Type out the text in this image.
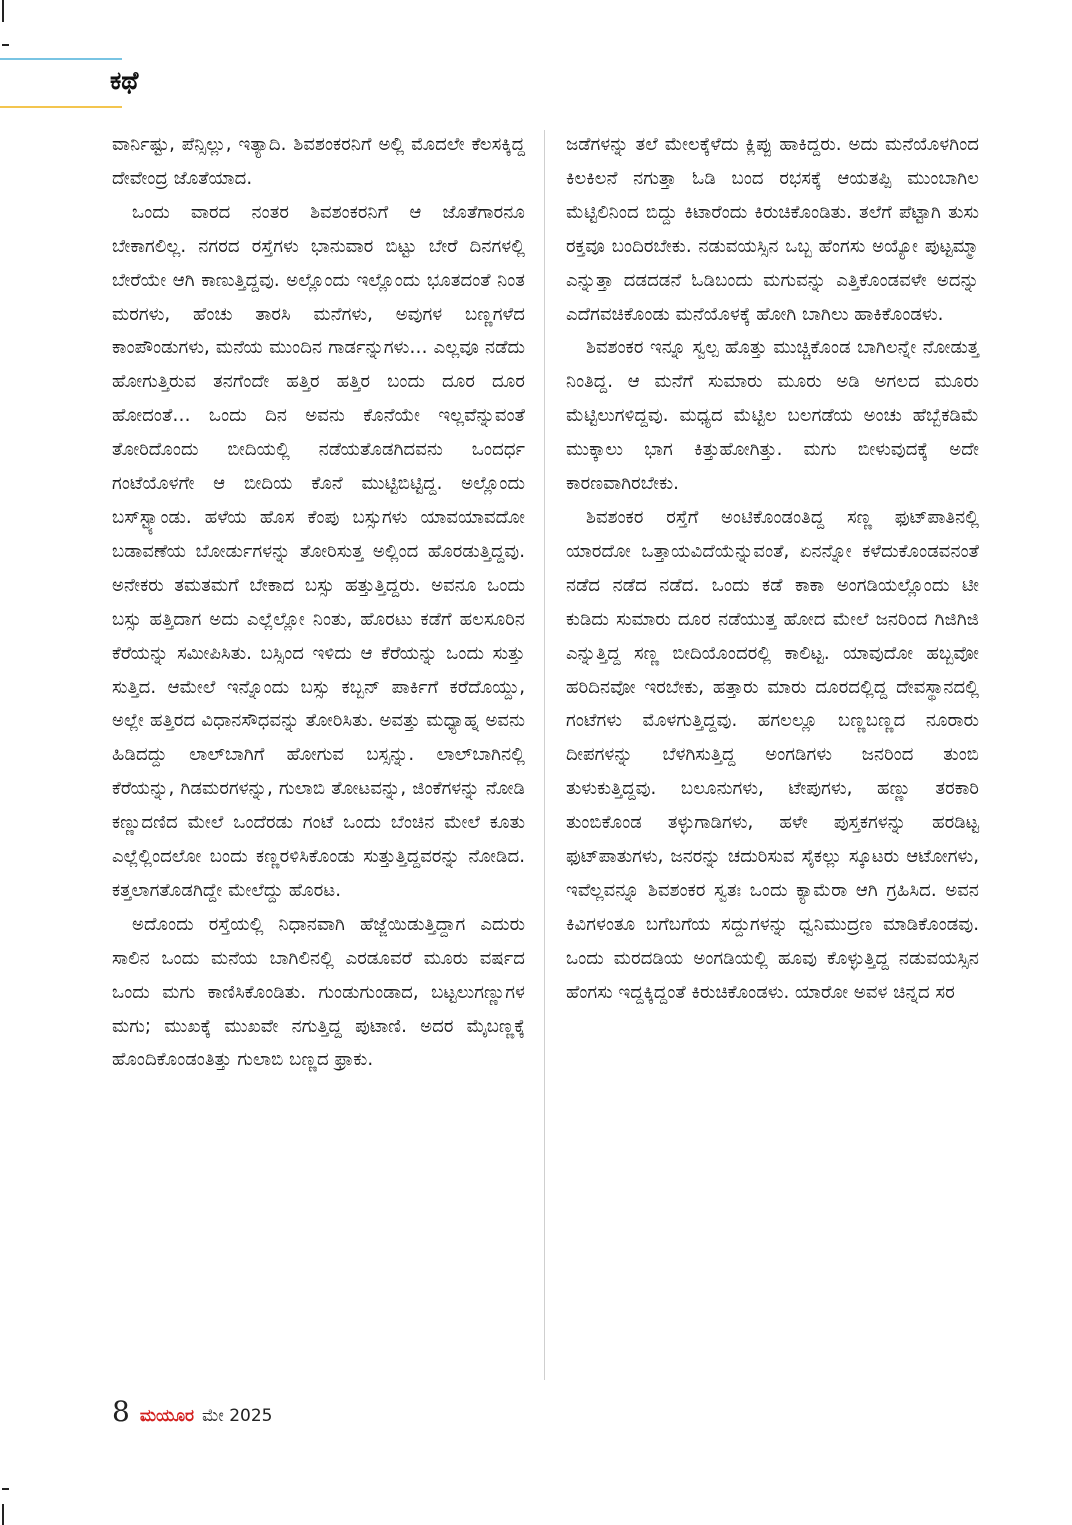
ಕಥೆ

ವಾರ್ನಿಷ್ಟು, ಪೆನ್ಸಿಲ್ಲು, ಇತ್ಯಾದಿ. ಶಿವಶಂಕರನಿಗೆ ಅಲ್ಲಿ ಮೊದಲೇ ಕೆಲಸಕ್ಕಿದ್ದ ದೇವೇಂದ್ರ ಜೊತೆಯಾದ.

ಒಂದು ವಾರದ ನಂತರ ಶಿವಶಂಕರನಿಗೆ ಆ ಜೊತೆಗಾರನೂ ಬೇಕಾಗಲಿಲ್ಲ. ನಗರದ ರಸ್ತೆಗಳು ಭಾನುವಾರ ಬಿಟ್ಟು ಬೇರೆ ದಿನಗಳಲ್ಲಿ ಬೇರೆಯೇ ಆಗಿ ಕಾಣುತ್ತಿದ್ದವು. ಅಲ್ಲೊಂದು ಇಲ್ಲೊಂದು ಭೂತದಂತೆ ನಿಂತ ಮರಗಳು, ಹೆಂಚು ತಾರಸಿ ಮನೆಗಳು, ಅವುಗಳ ಬಣ್ಣಗಳೆದ ಕಾಂಪೌಂಡುಗಳು, ಮನೆಯ ಮುಂದಿನ ಗಾರ್ಡನ್ನುಗಳು… ಎಲ್ಲವೂ ನಡೆದು ಹೋಗುತ್ತಿರುವ ತನಗೆಂದೇ ಹತ್ತಿರ ಹತ್ತಿರ ಬಂದು ದೂರ ದೂರ ಹೋದಂತೆ… ಒಂದು ದಿನ ಅವನು ಕೊನೆಯೇ ಇಲ್ಲವೆನ್ನುವಂತೆ ತೋರಿದೊಂದು ಬೀದಿಯಲ್ಲಿ ನಡೆಯತೊಡಗಿದವನು ಒಂದರ್ಧ ಗಂಟೆಯೊಳಗೇ ಆ ಬೀದಿಯ ಕೊನೆ ಮುಟ್ಟಿಬಿಟ್ಟಿದ್ದ. ಅಲ್ಲೊಂದು ಬಸ್‌ಸ್ಟ್ಯಾಂಡು. ಹಳೆಯ ಹೊಸ ಕೆಂಪು ಬಸ್ಸುಗಳು ಯಾವಯಾವದೋ ಬಡಾವಣೆಯ ಬೋರ್ಡುಗಳನ್ನು ತೋರಿಸುತ್ತ ಅಲ್ಲಿಂದ ಹೊರಡುತ್ತಿದ್ದವು. ಅನೇಕರು ತಮತಮಗೆ ಬೇಕಾದ ಬಸ್ಸು ಹತ್ತುತ್ತಿದ್ದರು. ಅವನೂ ಒಂದು ಬಸ್ಸು ಹತ್ತಿದಾಗ ಅದು ಎಲ್ಲೆಲ್ಲೋ ನಿಂತು, ಹೊರಟು ಕಡೆಗೆ ಹಲಸೂರಿನ ಕೆರೆಯನ್ನು ಸಮೀಪಿಸಿತು. ಬಸ್ಸಿಂದ ಇಳಿದು ಆ ಕೆರೆಯನ್ನು ಒಂದು ಸುತ್ತು ಸುತ್ತಿದ. ಆಮೇಲೆ ಇನ್ನೊಂದು ಬಸ್ಸು ಕಬ್ಬನ್ ಪಾರ್ಕಿಗೆ ಕರೆದೊಯ್ದು, ಅಲ್ಲೇ ಹತ್ತಿರದ ವಿಧಾನಸೌಧವನ್ನು ತೋರಿಸಿತು. ಅವತ್ತು ಮಧ್ಯಾಹ್ನ ಅವನು ಹಿಡಿದದ್ದು ಲಾಲ್‌ಬಾಗಿಗೆ ಹೋಗುವ ಬಸ್ಸನ್ನು. ಲಾಲ್‌ಬಾಗಿನಲ್ಲಿ ಕೆರೆಯನ್ನು, ಗಿಡಮರಗಳನ್ನು, ಗುಲಾಬಿ ತೋಟವನ್ನು, ಜಿಂಕೆಗಳನ್ನು ನೋಡಿ ಕಣ್ಣುದಣಿದ ಮೇಲೆ ಒಂದೆರಡು ಗಂಟೆ ಒಂದು ಬೆಂಚಿನ ಮೇಲೆ ಕೂತು ಎಲ್ಲೆಲ್ಲಿಂದಲೋ ಬಂದು ಕಣ್ಣರಳಿಸಿಕೊಂಡು ಸುತ್ತುತ್ತಿದ್ದವರನ್ನು ನೋಡಿದ. ಕತ್ತಲಾಗತೊಡಗಿದ್ದೇ ಮೇಲೆದ್ದು ಹೊರಟ.

ಅದೊಂದು ರಸ್ತೆಯಲ್ಲಿ ನಿಧಾನವಾಗಿ ಹೆಜ್ಜೆಯಿಡುತ್ತಿದ್ದಾಗ ಎದುರು ಸಾಲಿನ ಒಂದು ಮನೆಯ ಬಾಗಿಲಿನಲ್ಲಿ ಎರಡೂವರೆ ಮೂರು ವರ್ಷದ ಒಂದು ಮಗು ಕಾಣಿಸಿಕೊಂಡಿತು. ಗುಂಡುಗುಂಡಾದ, ಬಟ್ಟಲುಗಣ್ಣುಗಳ ಮಗು; ಮುಖಕ್ಕೆ ಮುಖವೇ ನಗುತ್ತಿದ್ದ ಪುಟಾಣಿ. ಅದರ ಮೈಬಣ್ಣಕ್ಕೆ ಹೊಂದಿಕೊಂಡಂತಿತ್ತು ಗುಲಾಬಿ ಬಣ್ಣದ ಫ್ರಾಕು.

ಜಡೆಗಳನ್ನು ತಲೆ ಮೇಲಕ್ಕೆಳೆದು ಕ್ಲಿಪ್ಪು ಹಾಕಿದ್ದರು. ಅದು ಮನೆಯೊಳಗಿಂದ ಕಿಲಕಿಲನೆ ನಗುತ್ತಾ ಓಡಿ ಬಂದ ರಭಸಕ್ಕೆ ಆಯತಪ್ಪಿ ಮುಂಬಾಗಿಲ ಮೆಟ್ಟಿಲಿನಿಂದ ಬಿದ್ದು ಕಿಟಾರೆಂದು ಕಿರುಚಿಕೊಂಡಿತು. ತಲೆಗೆ ಪೆಟ್ಟಾಗಿ ತುಸು ರಕ್ತವೂ ಬಂದಿರಬೇಕು. ನಡುವಯಸ್ಸಿನ ಒಬ್ಬ ಹೆಂಗಸು ಅಯ್ಯೋ ಪುಟ್ಟಮ್ಮಾ ಎನ್ನುತ್ತಾ ದಡದಡನೆ ಓಡಿಬಂದು ಮಗುವನ್ನು ಎತ್ತಿಕೊಂಡವಳೇ ಅದನ್ನು ಎದೆಗವಚಿಕೊಂಡು ಮನೆಯೊಳಕ್ಕೆ ಹೋಗಿ ಬಾಗಿಲು ಹಾಕಿಕೊಂಡಳು.

ಶಿವಶಂಕರ ಇನ್ನೂ ಸ್ವಲ್ಪ ಹೊತ್ತು ಮುಚ್ಚಿಕೊಂಡ ಬಾಗಿಲನ್ನೇ ನೋಡುತ್ತ ನಿಂತಿದ್ದ. ಆ ಮನೆಗೆ ಸುಮಾರು ಮೂರು ಅಡಿ ಅಗಲದ ಮೂರು ಮೆಟ್ಟಿಲುಗಳಿದ್ದವು. ಮಧ್ಯದ ಮೆಟ್ಟಿಲ ಬಲಗಡೆಯ ಅಂಚು ಹೆಬ್ಬೆಕಡಿಮೆ ಮುಕ್ಕಾಲು ಭಾಗ ಕಿತ್ತುಹೋಗಿತ್ತು. ಮಗು ಬೀಳುವುದಕ್ಕೆ ಅದೇ ಕಾರಣವಾಗಿರಬೇಕು.

ಶಿವಶಂಕರ ರಸ್ತೆಗೆ ಅಂಟಿಕೊಂಡಂತಿದ್ದ ಸಣ್ಣ ಫುಟ್‌ಪಾತಿನಲ್ಲಿ ಯಾರದೋ ಒತ್ತಾಯವಿದೆಯೆನ್ನುವಂತೆ, ಏನನ್ನೋ ಕಳೆದುಕೊಂಡವನಂತೆ ನಡೆದ ನಡೆದ ನಡೆದ. ಒಂದು ಕಡೆ ಕಾಕಾ ಅಂಗಡಿಯಲ್ಲೊಂದು ಟೀ ಕುಡಿದು ಸುಮಾರು ದೂರ ನಡೆಯುತ್ತ ಹೋದ ಮೇಲೆ ಜನರಿಂದ ಗಿಜಿಗಿಜಿ ಎನ್ನುತ್ತಿದ್ದ ಸಣ್ಣ ಬೀದಿಯೊಂದರಲ್ಲಿ ಕಾಲಿಟ್ಟ. ಯಾವುದೋ ಹಬ್ಬವೋ ಹರಿದಿನವೋ ಇರಬೇಕು, ಹತ್ತಾರು ಮಾರು ದೂರದಲ್ಲಿದ್ದ ದೇವಸ್ಥಾನದಲ್ಲಿ ಗಂಟೆಗಳು ಮೊಳಗುತ್ತಿದ್ದವು. ಹಗಲಲ್ಲೂ ಬಣ್ಣಬಣ್ಣದ ನೂರಾರು ದೀಪಗಳನ್ನು ಬೆಳಗಿಸುತ್ತಿದ್ದ ಅಂಗಡಿಗಳು ಜನರಿಂದ ತುಂಬಿ ತುಳುಕುತ್ತಿದ್ದವು. ಬಲೂನುಗಳು, ಟೇಪುಗಳು, ಹಣ್ಣು ತರಕಾರಿ ತುಂಬಿಕೊಂಡ ತಳ್ಳುಗಾಡಿಗಳು, ಹಳೇ ಪುಸ್ತಕಗಳನ್ನು ಹರಡಿಟ್ಟ ಫುಟ್‌ಪಾತುಗಳು, ಜನರನ್ನು ಚದುರಿಸುವ ಸೈಕಲ್ಲು ಸ್ಕೂಟರು ಆಟೋಗಳು, ಇವೆಲ್ಲವನ್ನೂ ಶಿವಶಂಕರ ಸ್ವತಃ ಒಂದು ಕ್ಯಾಮೆರಾ ಆಗಿ ಗ್ರಹಿಸಿದ. ಅವನ ಕಿವಿಗಳಂತೂ ಬಗೆಬಗೆಯ ಸದ್ದುಗಳನ್ನು ಧ್ವನಿಮುದ್ರಣ ಮಾಡಿಕೊಂಡವು. ಒಂದು ಮರದಡಿಯ ಅಂಗಡಿಯಲ್ಲಿ ಹೂವು ಕೊಳ್ಳುತ್ತಿದ್ದ ನಡುವಯಸ್ಸಿನ ಹೆಂಗಸು ಇದ್ದಕ್ಕಿದ್ದಂತೆ ಕಿರುಚಿಕೊಂಡಳು. ಯಾರೋ ಅವಳ ಚಿನ್ನದ ಸರ

8 ಮಯೂರ ಮೇ 2025
